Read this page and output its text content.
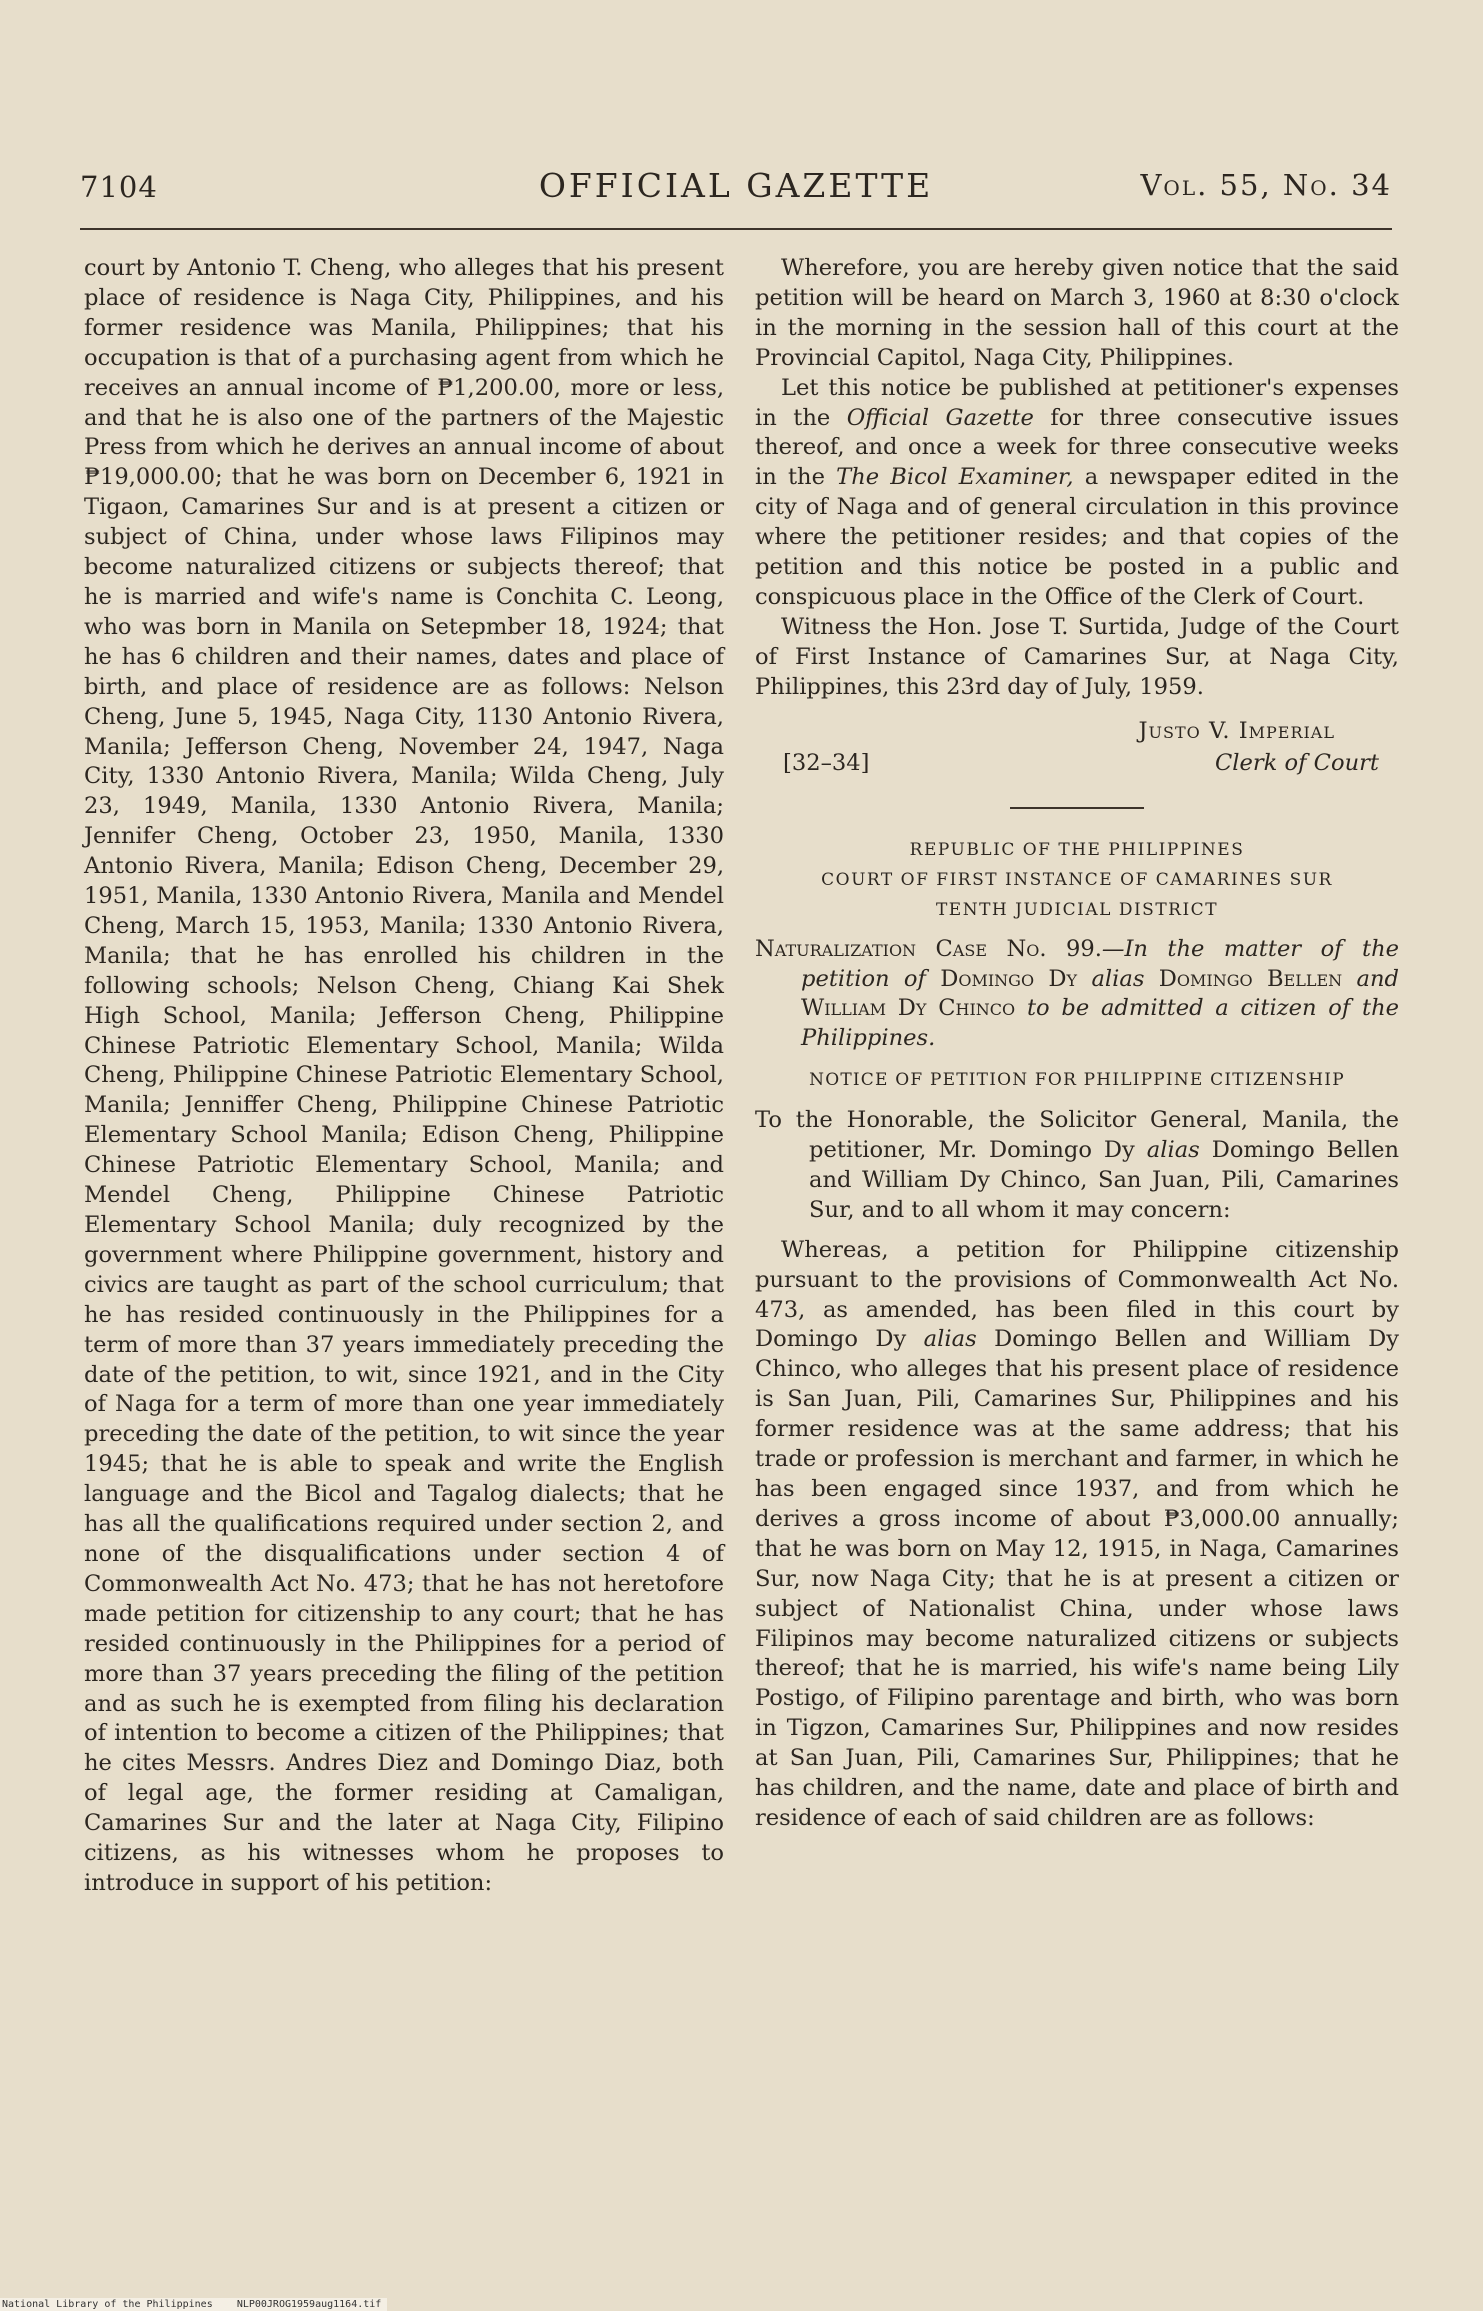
7104	OFFICIAL GAZETTE	Vol. 55, No. 34

court by Antonio T. Cheng, who alleges that his present place of residence is Naga City, Philippines, and his former residence was Manila, Philippines; that his occupation is that of a purchasing agent from which he receives an annual income of ₱1,200.00, more or less, and that he is also one of the partners of the Majestic Press from which he derives an annual income of about ₱19,000.00; that he was born on December 6, 1921 in Tigaon, Camarines Sur and is at present a citizen or subject of China, under whose laws Filipinos may become naturalized citizens or subjects thereof; that he is married and wife's name is Conchita C. Leong, who was born in Manila on Setepmber 18, 1924; that he has 6 children and their names, dates and place of birth, and place of residence are as follows: Nelson Cheng, June 5, 1945, Naga City, 1130 Antonio Rivera, Manila; Jefferson Cheng, November 24, 1947, Naga City, 1330 Antonio Rivera, Manila; Wilda Cheng, July 23, 1949, Manila, 1330 Antonio Rivera, Manila; Jennifer Cheng, October 23, 1950, Manila, 1330 Antonio Rivera, Manila; Edison Cheng, December 29, 1951, Manila, 1330 Antonio Rivera, Manila and Mendel Cheng, March 15, 1953, Manila; 1330 Antonio Rivera, Manila; that he has enrolled his children in the following schools; Nelson Cheng, Chiang Kai Shek High School, Manila; Jefferson Cheng, Philippine Chinese Patriotic Elementary School, Manila; Wilda Cheng, Philippine Chinese Patriotic Elementary School, Manila; Jenniffer Cheng, Philippine Chinese Patriotic Elementary School Manila; Edison Cheng, Philippine Chinese Patriotic Elementary School, Manila; and Mendel Cheng, Philippine Chinese Patriotic Elementary School Manila; duly recognized by the government where Philippine government, history and civics are taught as part of the school curriculum; that he has resided continuously in the Philippines for a term of more than 37 years immediately preceding the date of the petition, to wit, since 1921, and in the City of Naga for a term of more than one year immediately preceding the date of the petition, to wit since the year 1945; that he is able to speak and write the English language and the Bicol and Tagalog dialects; that he has all the qualifications required under section 2, and none of the disqualifications under section 4 of Commonwealth Act No. 473; that he has not heretofore made petition for citizenship to any court; that he has resided continuously in the Philippines for a period of more than 37 years preceding the filing of the petition and as such he is exempted from filing his declaration of intention to become a citizen of the Philippines; that he cites Messrs. Andres Diez and Domingo Diaz, both of legal age, the former residing at Camaligan, Camarines Sur and the later at Naga City, Filipino citizens, as his witnesses whom he proposes to introduce in support of his petition:

Wherefore, you are hereby given notice that the said petition will be heard on March 3, 1960 at 8:30 o'clock in the morning in the session hall of this court at the Provincial Capitol, Naga City, Philippines.

Let this notice be published at petitioner's expenses in the Official Gazette for three consecutive issues thereof, and once a week for three consecutive weeks in the The Bicol Examiner, a newspaper edited in the city of Naga and of general circulation in this province where the petitioner resides; and that copies of the petition and this notice be posted in a public and conspicuous place in the Office of the Clerk of Court.

Witness the Hon. Jose T. Surtida, Judge of the Court of First Instance of Camarines Sur, at Naga City, Philippines, this 23rd day of July, 1959.

Justo V. Imperial
[32–34]	Clerk of Court
REPUBLIC OF THE PHILIPPINES
COURT OF FIRST INSTANCE OF CAMARINES SUR
TENTH JUDICIAL DISTRICT

Naturalization Case No. 99.—In the matter of the petition of Domingo Dy alias Domingo Bellen and William Dy Chinco to be admitted a citizen of the Philippines.

NOTICE OF PETITION FOR PHILIPPINE CITIZENSHIP

To the Honorable, the Solicitor General, Manila, the petitioner, Mr. Domingo Dy alias Domingo Bellen and William Dy Chinco, San Juan, Pili, Camarines Sur, and to all whom it may concern:

Whereas, a petition for Philippine citizenship pursuant to the provisions of Commonwealth Act No. 473, as amended, has been filed in this court by Domingo Dy alias Domingo Bellen and William Dy Chinco, who alleges that his present place of residence is San Juan, Pili, Camarines Sur, Philippines and his former residence was at the same address; that his trade or profession is merchant and farmer, in which he has been engaged since 1937, and from which he derives a gross income of about ₱3,000.00 annually; that he was born on May 12, 1915, in Naga, Camarines Sur, now Naga City; that he is at present a citizen or subject of Nationalist China, under whose laws Filipinos may become naturalized citizens or subjects thereof; that he is married, his wife's name being Lily Postigo, of Filipino parentage and birth, who was born in Tigzon, Camarines Sur, Philippines and now resides at San Juan, Pili, Camarines Sur, Philippines; that he has children, and the name, date and place of birth and residence of each of said children are as follows:

National Library of the Philippines NLP00JROG1959aug1164.tif
